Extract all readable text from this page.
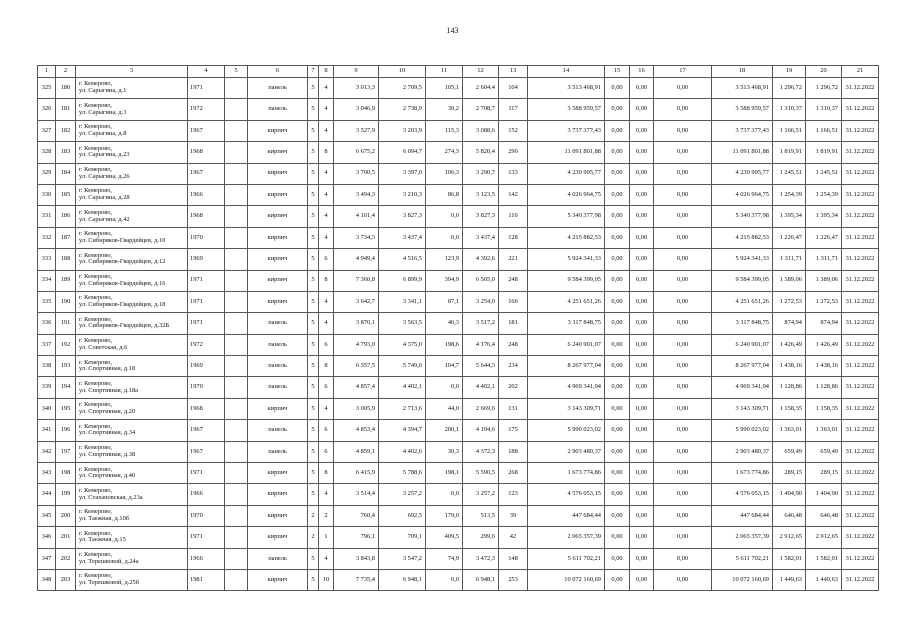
143
1	2	3	4	5	6	7	8	9	10	11	12	13	14	15	16	17	18	19	20	21
325	180	г. Кемерово,
ул. Сарыгина, д.1	1971		панель	5	4	3 013,3	2 709,5	105,1	2 604,4	104	3 513 468,91	0,00	0,00	0,00	3 513 468,91	1 296,72	1 296,72	31.12.2022
326	181	г. Кемерово,
ул. Сарыгина, д.3	1972		панель	5	4	3 046,9	2 738,9	30,2	2 708,7	117	3 588 959,57	0,00	0,00	0,00	3 588 959,57	1 310,37	1 310,37	31.12.2022
327	182	г. Кемерово,
ул. Сарыгина, д.8	1967		кирпич	5	4	3 527,9	3 203,9	115,3	3 088,6	152	3 737 377,43	0,00	0,00	0,00	3 737 377,43	1 166,51	1 166,51	31.12.2022
328	183	г. Кемерово,
ул. Сарыгина, д.23	1968		кирпич	5	8	6 675,2	6 094,7	274,3	5 820,4	290	11 091 801,88	0,00	0,00	0,00	11 091 801,88	1 819,91	1 819,91	31.12.2022
329	184	г. Кемерово,
ул. Сарыгина, д.26	1967		кирпич	5	4	3 700,5	3 397,0	106,3	3 290,7	133	4 230 995,77	0,00	0,00	0,00	4 230 995,77	1 245,51	1 245,51	31.12.2022
330	185	г. Кемерово,
ул. Сарыгина, д.28	1966		кирпич	5	4	3 494,3	3 210,3	86,8	3 123,5	142	4 026 964,75	0,00	0,00	0,00	4 026 964,75	1 254,39	1 254,39	31.12.2022
331	186	г. Кемерово,
ул. Сарыгина, д.42	1968		кирпич	5	4	4 101,4	3 827,3	0,0	3 827,3	110	5 340 377,98	0,00	0,00	0,00	5 340 377,98	1 395,34	1 395,34	31.12.2022
332	187	г. Кемерово,
ул. Сибиряков-Гвардейцев, д.10	1970		кирпич	5	4	3 734,3	3 437,4	0,0	3 437,4	128	4 215 882,53	0,00	0,00	0,00	4 215 882,53	1 226,47	1 226,47	31.12.2022
333	188	г. Кемерово,
ул. Сибиряков-Гвардейцев, д.12	1969		кирпич	5	6	4 949,4	4 516,5	123,9	4 392,6	221	5 924 341,33	0,00	0,00	0,00	5 924 341,33	1 311,71	1 311,71	31.12.2022
334	189	г. Кемерово,
ул. Сибиряков-Гвардейцев, д.16	1971		кирпич	5	8	7 360,8	6 899,9	394,9	6 505,0	248	9 584 399,05	0,00	0,00	0,00	9 584 399,05	1 389,06	1 389,06	31.12.2022
335	190	г. Кемерово,
ул. Сибиряков-Гвардейцев, д.18	1971		кирпич	5	4	3 642,7	3 341,1	87,1	3 254,0	166	4 251 651,26	0,00	0,00	0,00	4 251 651,26	1 272,53	1 272,53	31.12.2022
336	191	г. Кемерово,
ул. Сибиряков-Гвардейцев, д.32Б	1971		панель	5	4	3 870,1	3 563,5	46,3	3 517,2	181	3 117 848,75	0,00	0,00	0,00	3 117 848,75	874,94	874,94	31.12.2022
337	192	г. Кемерово,
ул. Советская, д.6	1972		панель	5	6	4 793,0	4 375,0	198,6	4 176,4	248	6 240 901,07	0,00	0,00	0,00	6 240 901,07	1 426,49	1 426,49	31.12.2022
338	193	г. Кемерово,
ул. Спортивная, д.18	1969		панель	5	8	6 357,5	5 749,0	104,7	5 644,3	234	8 267 977,04	0,00	0,00	0,00	8 267 977,04	1 438,16	1 438,16	31.12.2022
339	194	г. Кемерово,
ул. Спортивная, д.18а	1970		панель	5	6	4 857,4	4 402,1	0,0	4 402,1	202	4 969 341,04	0,00	0,00	0,00	4 969 341,04	1 128,86	1 128,86	31.12.2022
340	195	г. Кемерово,
ул. Спортивная, д.20	1968		кирпич	5	4	3 005,9	2 713,6	44,0	2 669,6	131	3 143 309,71	0,00	0,00	0,00	3 143 309,71	1 158,35	1 158,35	31.12.2022
341	196	г. Кемерово,
ул. Спортивная, д.34	1967		панель	5	6	4 853,4	4 394,7	200,1	4 194,6	175	5 990 023,02	0,00	0,00	0,00	5 990 023,02	1 363,01	1 363,01	31.12.2022
342	197	г. Кемерово,
ул. Спортивная, д.38	1967		панель	5	6	4 859,1	4 402,6	30,3	4 372,3	188	2 903 480,37	0,00	0,00	0,00	2 903 480,37	659,49	659,49	31.12.2022
343	198	г. Кемерово,
ул. Спортивная, д.40	1971		кирпич	5	8	6 415,9	5 788,6	198,1	5 590,5	268	1 673 774,86	0,00	0,00	0,00	1 673 774,86	289,15	289,15	31.12.2022
344	199	г. Кемерово,
ул. Стахановская, д.23а	1966		кирпич	5	4	3 514,4	3 257,2	0,0	3 257,2	123	4 576 053,15	0,00	0,00	0,00	4 576 053,15	1 404,90	1 404,90	31.12.2022
345	200	г. Кемерово,
ул. Таежная, д.10б	1970		кирпич	2	2	760,4	692,5	179,0	513,5	39	447 684,44	0,00	0,00	0,00	447 684,44	646,48	646,48	31.12.2022
346	201	г. Кемерово,
ул. Таежная, д.15	1971		кирпич	2	1	796,1	709,1	409,5	299,6	42	2 065 357,39	0,00	0,00	0,00	2 065 357,39	2 912,65	2 912,65	31.12.2022
347	202	г. Кемерово,
ул. Терешковой, д.24а	1966		панель	5	4	3 843,8	3 547,2	74,9	3 472,3	148	5 611 702,21	0,00	0,00	0,00	5 611 702,21	1 582,01	1 582,01	31.12.2022
348	203	г. Кемерово,
ул. Терешковой, д.25б	1981		кирпич	5	10	7 735,4	6 948,1	0,0	6 948,1	253	10 072 160,69	0,00	0,00	0,00	10 072 160,69	1 449,63	1 449,63	31.12.2022
